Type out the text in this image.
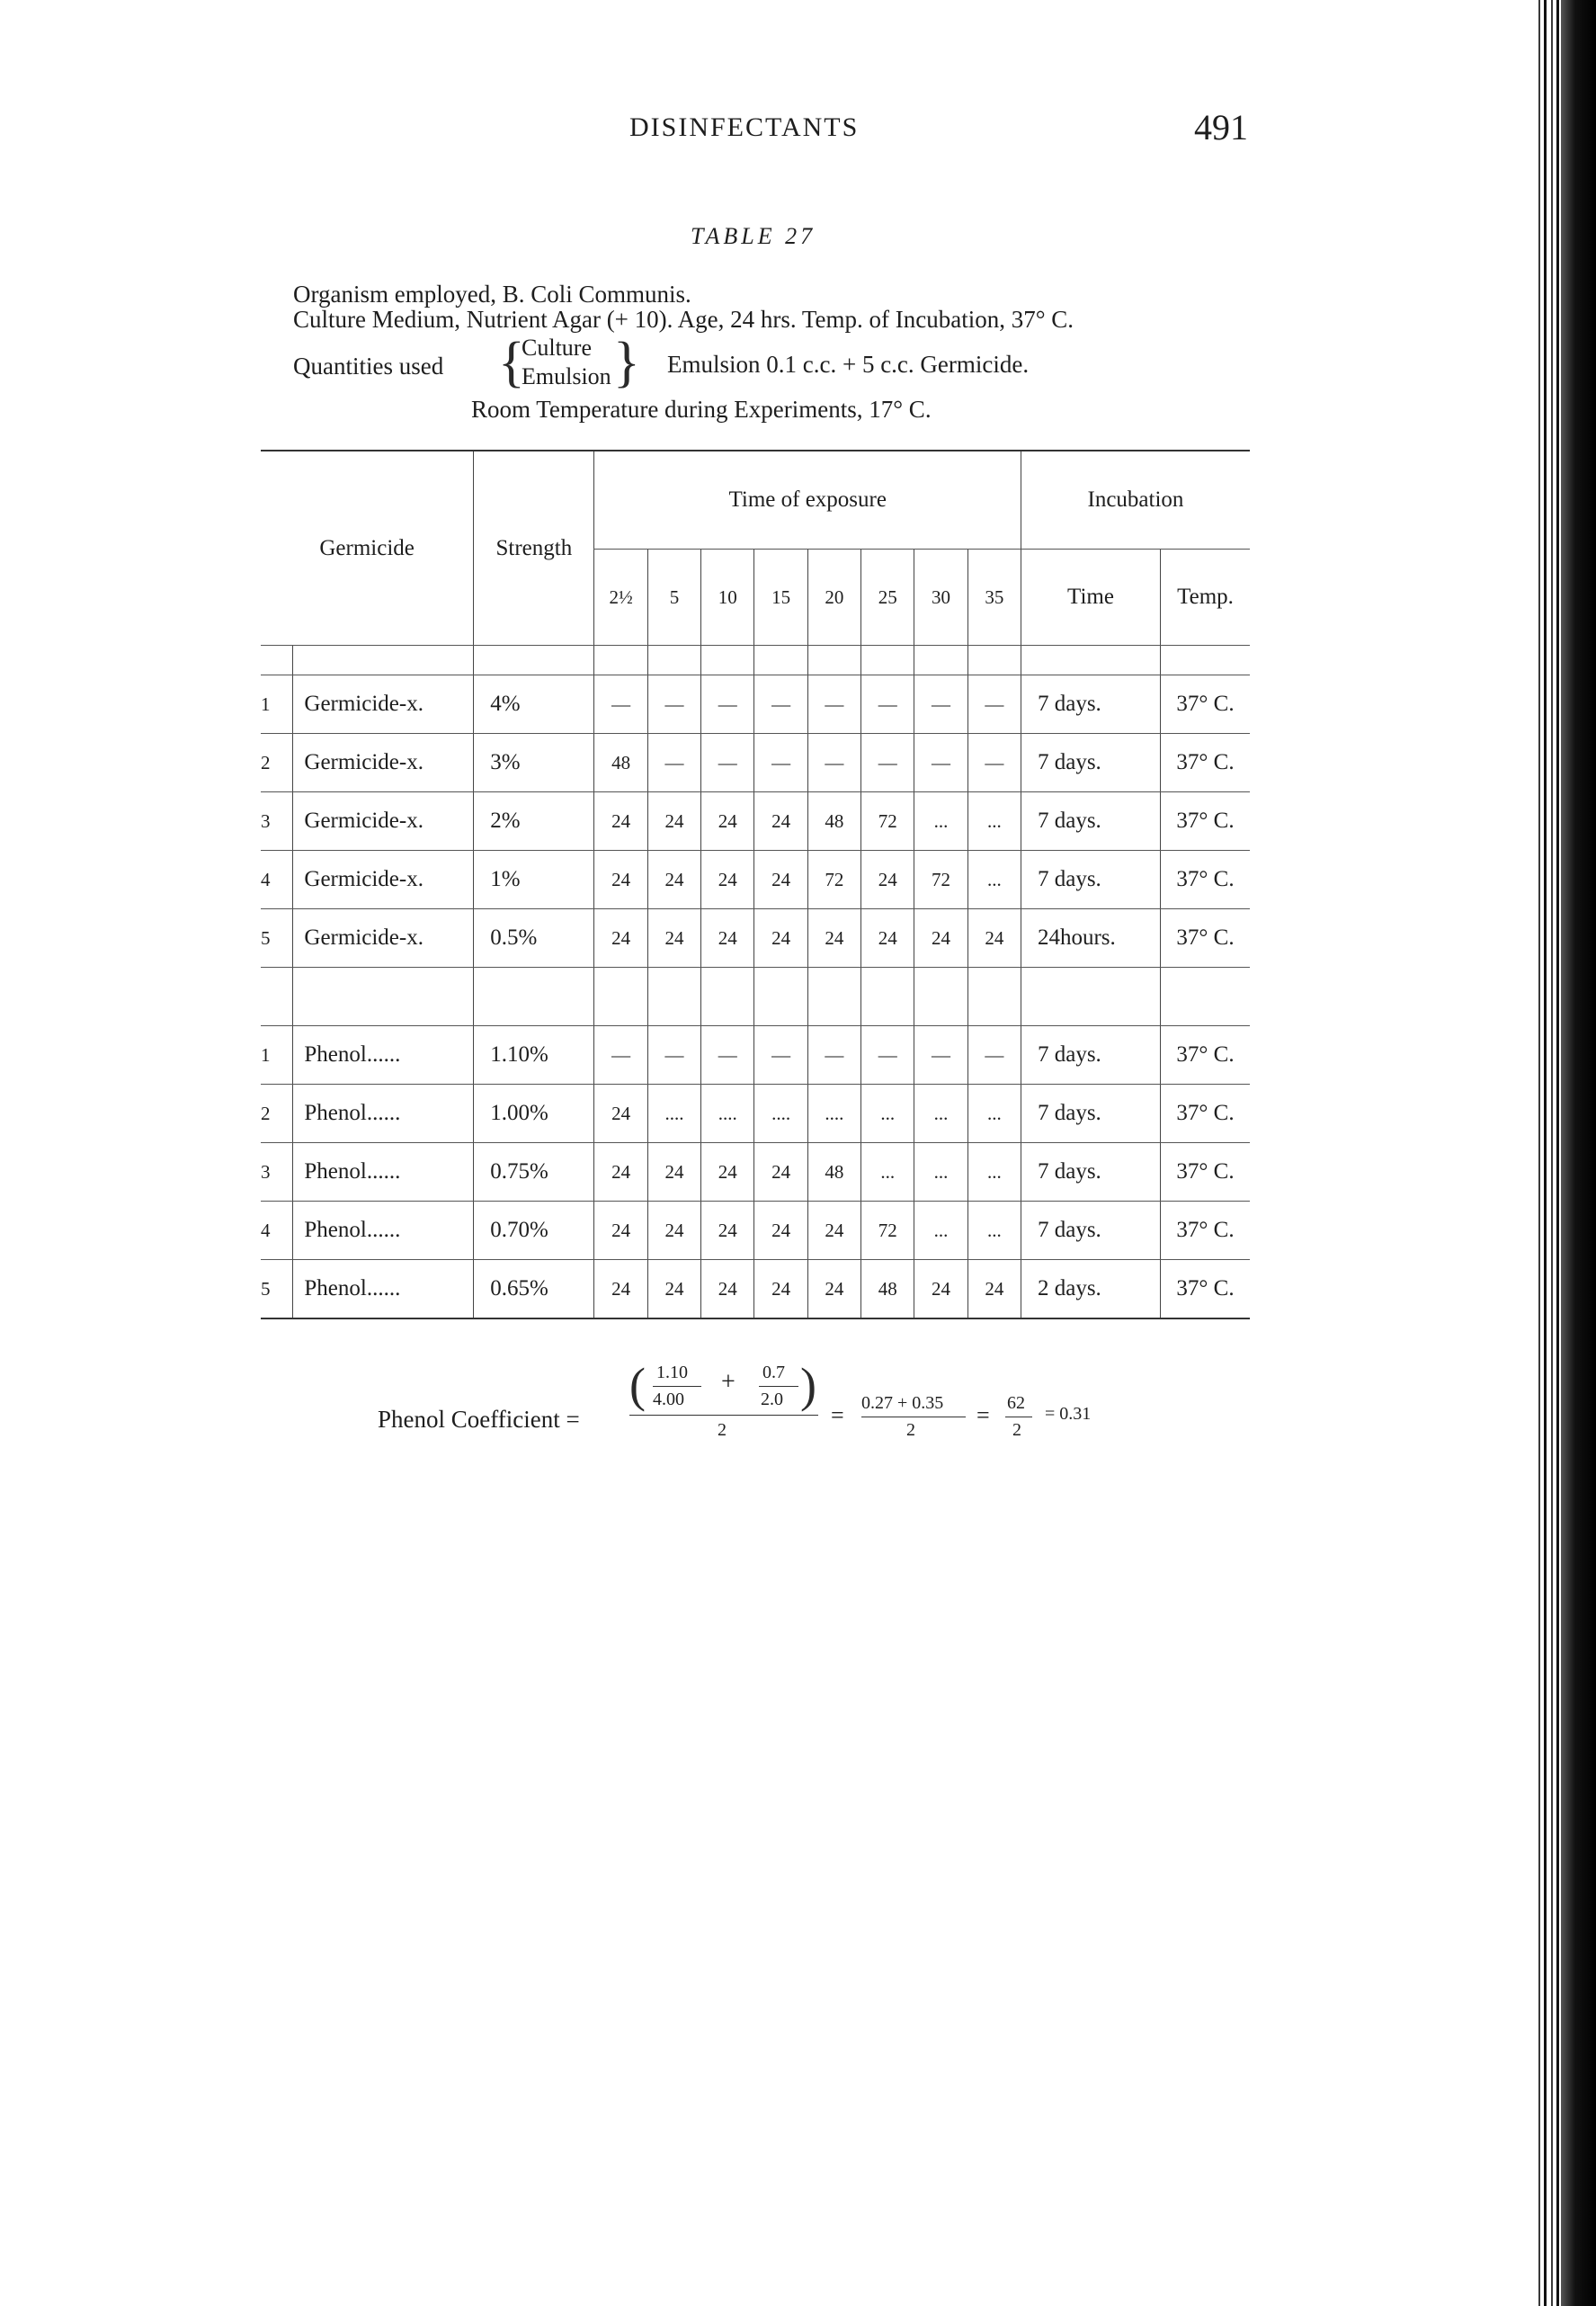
DISINFECTANTS	491
TABLE 27
Organism employed, B. Coli Communis.
Culture Medium, Nutrient Agar (+ 10). Age, 24 hrs. Temp. of Incubation, 37° C.
Quantities used {
Culture
Emulsion } Emulsion 0.1 c.c. + 5 c.c. Germicide.
Room Temperature during Experiments, 17° C.
Germicide		Strength	Time of exposure								Incubation	
			2½	5	10	15	20	25	30	35	Time	Temp.

1	Germicide-x.	4%	—	—	—	—	—	—	—	—	7 days.	37° C.
2	Germicide-x.	3%	48	—	—	—	—	—	—	—	7 days.	37° C.
3	Germicide-x.	2%	24	24	24	24	48	72	...	...	7 days.	37° C.
4	Germicide-x.	1%	24	24	24	24	72	24	72	...	7 days.	37° C.
5	Germicide-x.	0.5%	24	24	24	24	24	24	24	24	24hours.	37° C.

1	Phenol......	1.10%	—	—	—	—	—	—	—	—	7 days.	37° C.
2	Phenol......	1.00%	24	....	....	....	....	...	...	...	7 days.	37° C.
3	Phenol......	0.75%	24	24	24	24	48	...	...	...	7 days.	37° C.
4	Phenol......	0.70%	24	24	24	24	24	72	...	...	7 days.	37° C.
5	Phenol......	0.65%	24	24	24	24	24	48	24	24	2 days.	37° C.
Phenol Coefficient =
( 1.10
4.00
+ 0.7
2.0 )
2
= 0.27 + 0.35
2
= 62
2
= 0.31
